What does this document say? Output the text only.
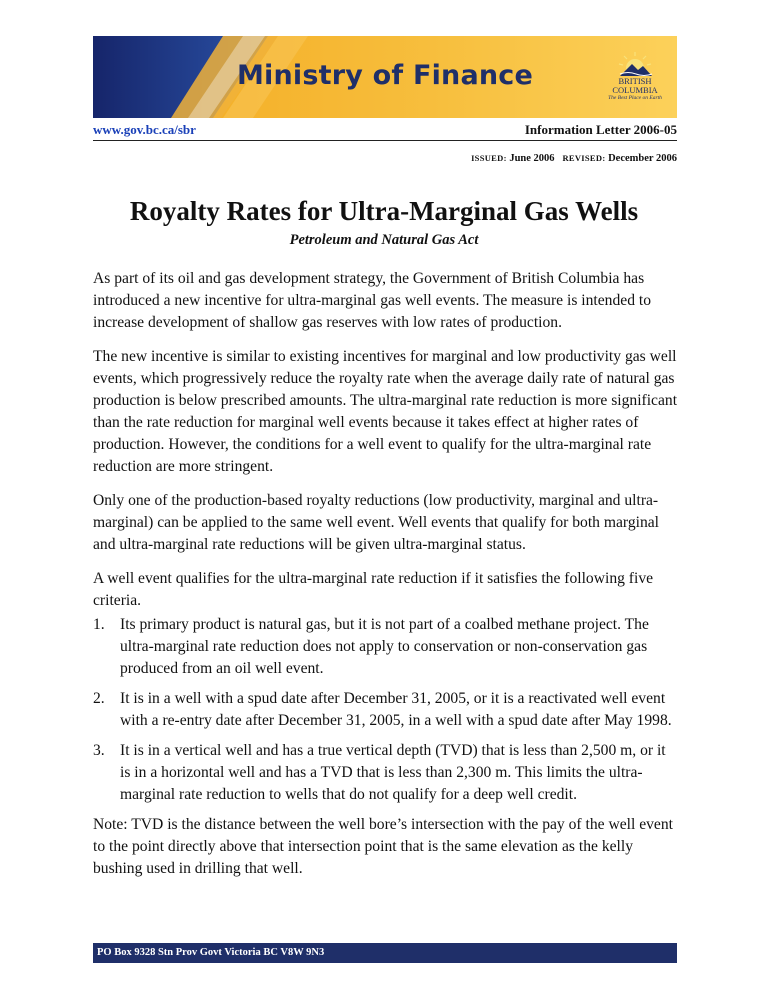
Ministry of Finance	BRITISH
COLUMBIA
The Best Place on Earth
www.gov.bc.ca/sbr	Information Letter 2006-05
ISSUED: June 2006 REVISED: December 2006
Royalty Rates for Ultra-Marginal Gas Wells
Petroleum and Natural Gas Act

As part of its oil and gas development strategy, the Government of British Columbia has introduced a new incentive for ultra-marginal gas well events. The measure is intended to increase development of shallow gas reserves with low rates of production.

The new incentive is similar to existing incentives for marginal and low productivity gas well events, which progressively reduce the royalty rate when the average daily rate of natural gas production is below prescribed amounts. The ultra-marginal rate reduction is more significant than the rate reduction for marginal well events because it takes effect at higher rates of production. However, the conditions for a well event to qualify for the ultra-marginal rate reduction are more stringent.

Only one of the production-based royalty reductions (low productivity, marginal and ultra-marginal) can be applied to the same well event. Well events that qualify for both marginal and ultra-marginal rate reductions will be given ultra-marginal status.

A well event qualifies for the ultra-marginal rate reduction if it satisfies the following five criteria.

1. Its primary product is natural gas, but it is not part of a coalbed methane project. The ultra-marginal rate reduction does not apply to conservation or non-conservation gas produced from an oil well event.
2. It is in a well with a spud date after December 31, 2005, or it is a reactivated well event with a re-entry date after December 31, 2005, in a well with a spud date after May 1998.
3. It is in a vertical well and has a true vertical depth (TVD) that is less than 2,500 m, or it is in a horizontal well and has a TVD that is less than 2,300 m. This limits the ultra-marginal rate reduction to wells that do not qualify for a deep well credit.

Note: TVD is the distance between the well bore’s intersection with the pay of the well event to the point directly above that intersection point that is the same elevation as the kelly bushing used in drilling that well.

PO Box 9328 Stn Prov Govt Victoria BC V8W 9N3
